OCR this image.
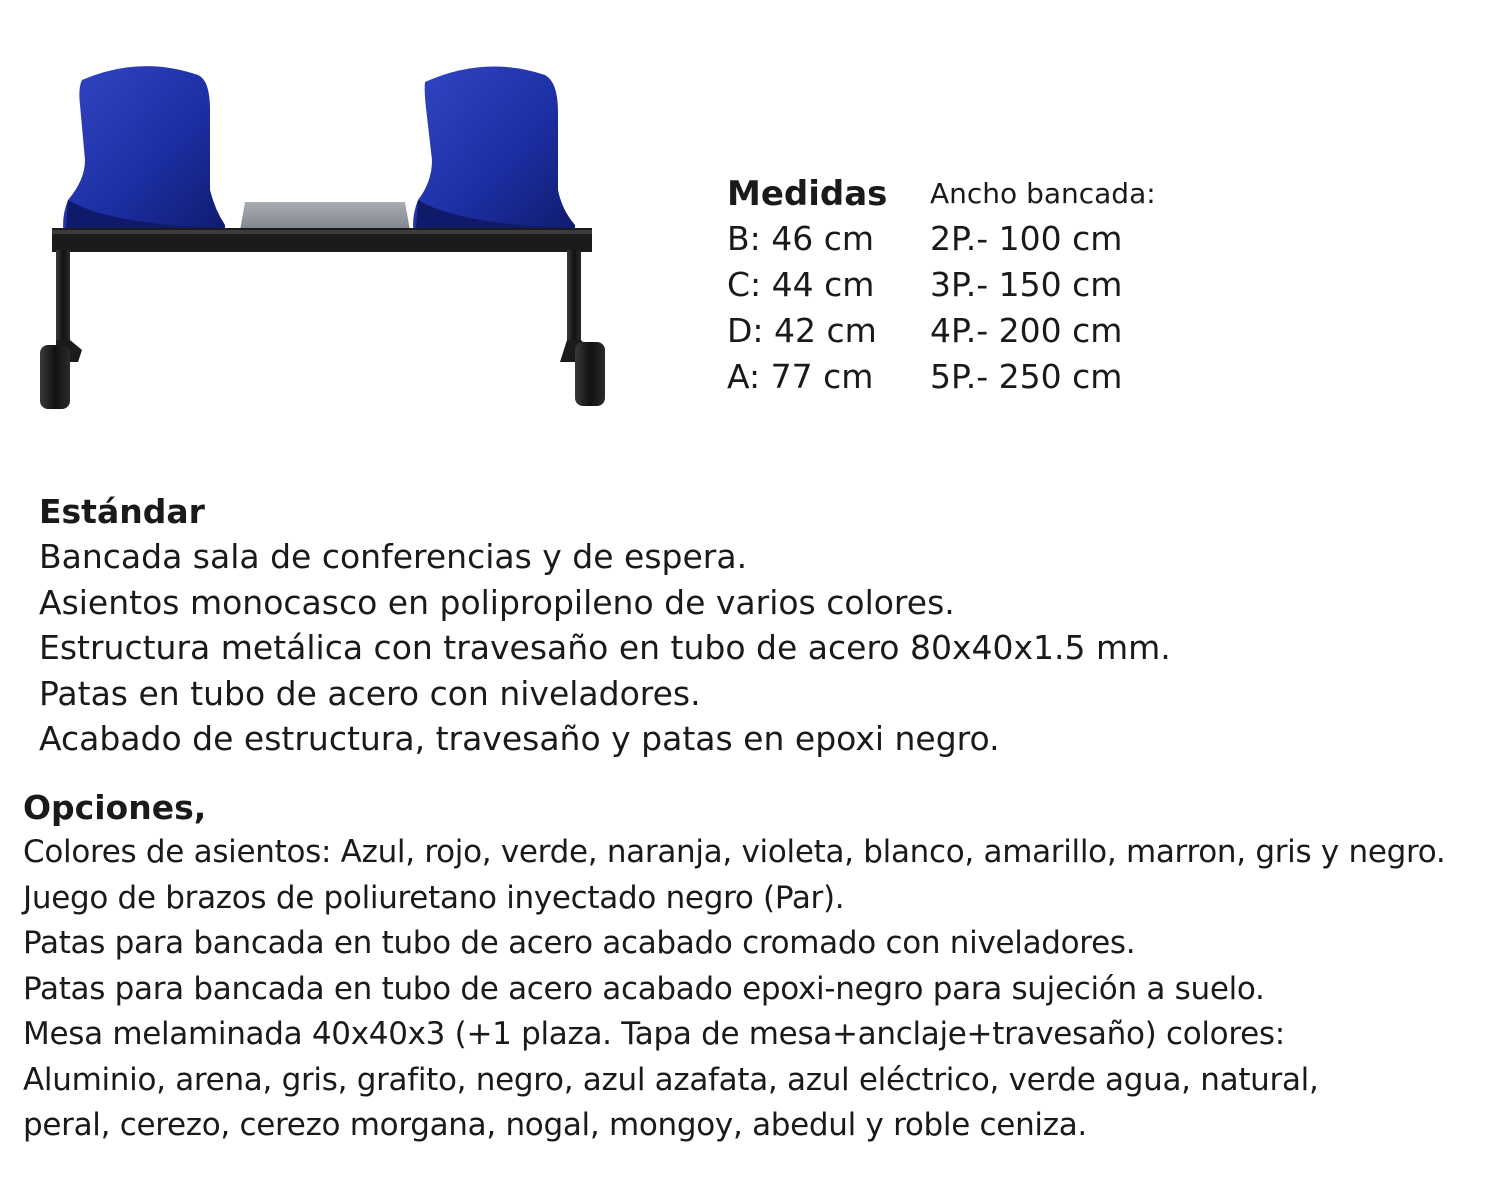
Medidas

B: 46 cm

C: 44 cm

D: 42 cm

A: 77 cm

Ancho bancada:

2P.- 100 cm

3P.- 150 cm

4P.- 200 cm

5P.- 250 cm

Estándar

Bancada sala de conferencias y de espera.

Asientos monocasco en polipropileno de varios colores.

Estructura metálica con travesaño en tubo de acero 80x40x1.5 mm.

Patas en tubo de acero con niveladores.

Acabado de estructura, travesaño y patas en epoxi negro.

Opciones,

Colores de asientos: Azul, rojo, verde, naranja, violeta, blanco, amarillo, marron, gris y negro.

Juego de brazos de poliuretano inyectado negro (Par).

Patas para bancada en tubo de acero acabado cromado con niveladores.

Patas para bancada en tubo de acero acabado epoxi-negro para sujeción a suelo.

Mesa melaminada 40x40x3 (+1 plaza. Tapa de mesa+anclaje+travesaño) colores:

Aluminio, arena, gris, grafito, negro, azul azafata, azul eléctrico, verde agua, natural,

peral, cerezo, cerezo morgana, nogal, mongoy, abedul y roble ceniza.
